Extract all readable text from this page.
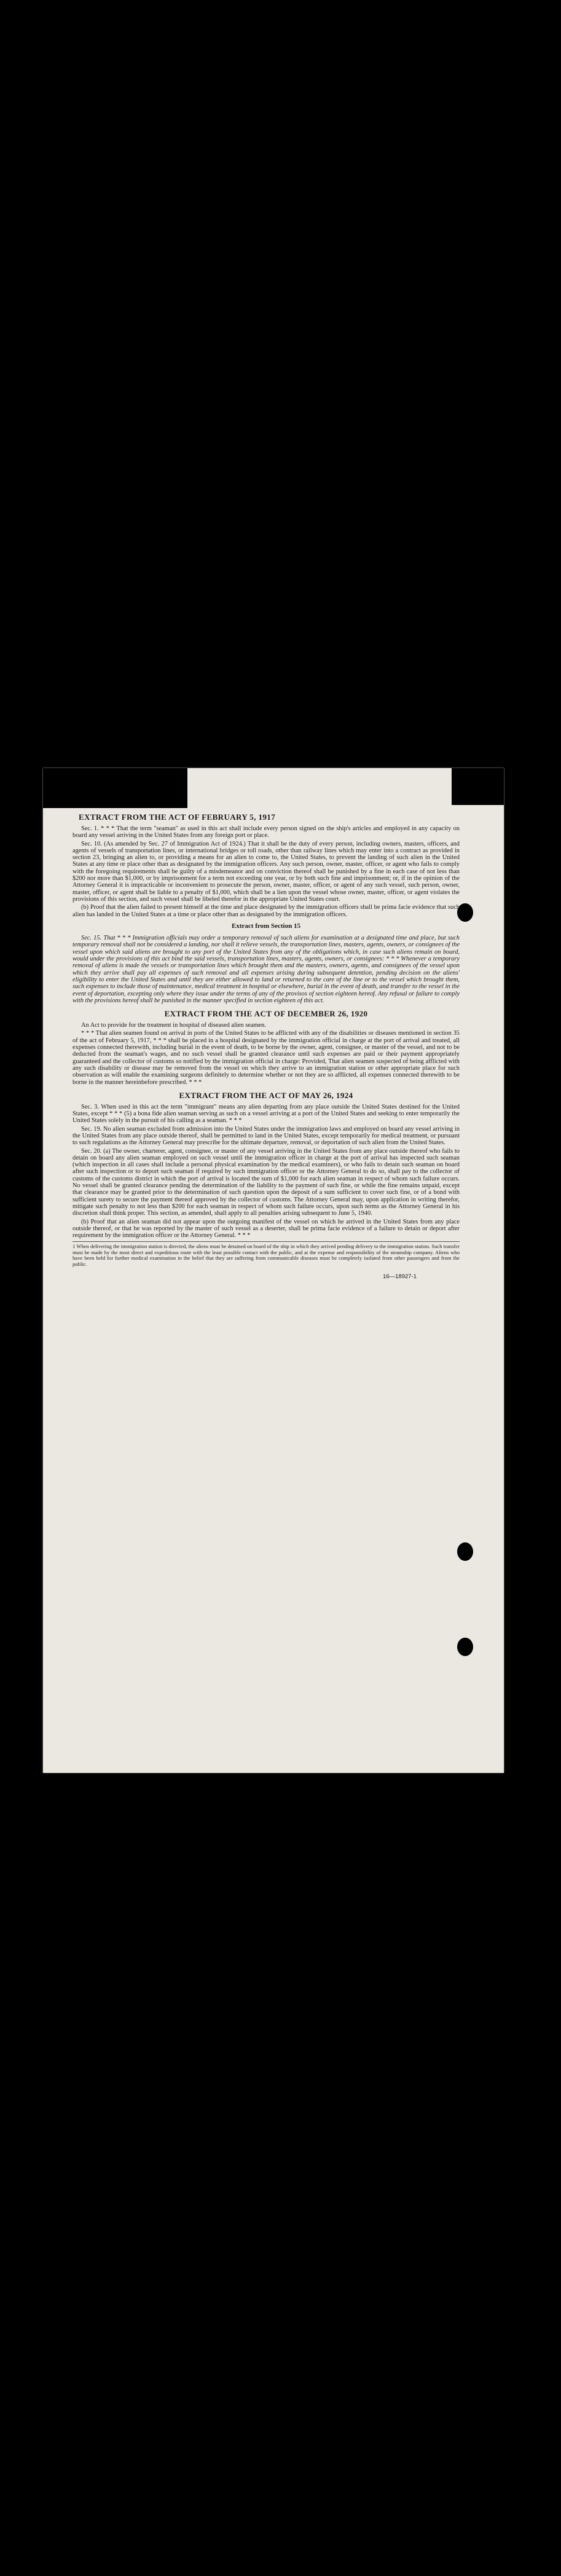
EXTRACT FROM THE ACT OF FEBRUARY 5, 1917

Sec. 1. * * * That the term "seaman" as used in this act shall include every person signed on the ship's articles and employed in any capacity on board any vessel arriving in the United States from any foreign port or place.

Sec. 10. (As amended by Sec. 27 of Immigration Act of 1924.) That it shall be the duty of every person, including owners, masters, officers, and agents of vessels of transportation lines, or international bridges or toll roads, other than railway lines which may enter into a contract as provided in section 23, bringing an alien to, or providing a means for an alien to come to, the United States, to prevent the landing of such alien in the United States at any time or place other than as designated by the immigration officers. Any such person, owner, master, officer, or agent who fails to comply with the foregoing requirements shall be guilty of a misdemeanor and on conviction thereof shall be punished by a fine in each case of not less than $200 nor more than $1,000, or by imprisonment for a term not exceeding one year, or by both such fine and imprisonment; or, if in the opinion of the Attorney General it is impracticable or inconvenient to prosecute the person, owner, master, officer, or agent of any such vessel, such person, owner, master, officer, or agent shall be liable to a penalty of $1,000, which shall be a lien upon the vessel whose owner, master, officer, or agent violates the provisions of this section, and such vessel shall be libeled therefor in the appropriate United States court.

(b) Proof that the alien failed to present himself at the time and place designated by the immigration officers shall be prima facie evidence that such alien has landed in the United States at a time or place other than as designated by the immigration officers.

Extract from Section 15

Sec. 15. That * * * Immigration officials may order a temporary removal of such aliens for examination at a designated time and place, but such temporary removal shall not be considered a landing, nor shall it relieve vessels, the transportation lines, masters, agents, owners, or consignees of the vessel upon which said aliens are brought to any port of the United States from any of the obligations which, in case such aliens remain on board, would under the provisions of this act bind the said vessels, transportation lines, masters, agents, owners, or consignees: * * * Whenever a temporary removal of aliens is made the vessels or transportation lines which brought them and the masters, owners, agents, and consignees of the vessel upon which they arrive shall pay all expenses of such removal and all expenses arising during subsequent detention, pending decision on the aliens' eligibility to enter the United States and until they are either allowed to land or returned to the care of the line or to the vessel which brought them, such expenses to include those of maintenance, medical treatment in hospital or elsewhere, burial in the event of death, and transfer to the vessel in the event of deportation, excepting only where they issue under the terms of any of the provisos of section eighteen hereof. Any refusal or failure to comply with the provisions hereof shall be punished in the manner specified in section eighteen of this act.

EXTRACT FROM THE ACT OF DECEMBER 26, 1920

An Act to provide for the treatment in hospital of diseased alien seamen.

* * * That alien seamen found on arrival in ports of the United States to be afflicted with any of the disabilities or diseases mentioned in section 35 of the act of February 5, 1917, * * * shall be placed in a hospital designated by the immigration official in charge at the port of arrival and treated, all expenses connected therewith, including burial in the event of death, to be borne by the owner, agent, consignee, or master of the vessel, and not to be deducted from the seaman's wages, and no such vessel shall be granted clearance until such expenses are paid or their payment appropriately guaranteed and the collector of customs so notified by the immigration official in charge: Provided, That alien seamen suspected of being afflicted with any such disability or disease may be removed from the vessel on which they arrive to an immigration station or other appropriate place for such observation as will enable the examining surgeons definitely to determine whether or not they are so afflicted, all expenses connected therewith to be borne in the manner hereinbefore prescribed. * * *

EXTRACT FROM THE ACT OF MAY 26, 1924

Sec. 3. When used in this act the term "immigrant" means any alien departing from any place outside the United States destined for the United States, except * * * (5) a bona fide alien seaman serving as such on a vessel arriving at a port of the United States and seeking to enter temporarily the United States solely in the pursuit of his calling as a seaman. * * *

Sec. 19. No alien seaman excluded from admission into the United States under the immigration laws and employed on board any vessel arriving in the United States from any place outside thereof, shall be permitted to land in the United States, except temporarily for medical treatment, or pursuant to such regulations as the Attorney General may prescribe for the ultimate departure, removal, or deportation of such alien from the United States.

Sec. 20. (a) The owner, charterer, agent, consignee, or master of any vessel arriving in the United States from any place outside thereof who fails to detain on board any alien seaman employed on such vessel until the immigration officer in charge at the port of arrival has inspected such seaman (which inspection in all cases shall include a personal physical examination by the medical examiners), or who fails to detain such seaman on board after such inspection or to deport such seaman if required by such immigration officer or the Attorney General to do so, shall pay to the collector of customs of the customs district in which the port of arrival is located the sum of $1,000 for each alien seaman in respect of whom such failure occurs. No vessel shall be granted clearance pending the determination of the liability to the payment of such fine, or while the fine remains unpaid, except that clearance may be granted prior to the determination of such question upon the deposit of a sum sufficient to cover such fine, or of a bond with sufficient surety to secure the payment thereof approved by the collector of customs. The Attorney General may, upon application in writing therefor, mitigate such penalty to not less than $200 for each seaman in respect of whom such failure occurs, upon such terms as the Attorney General in his discretion shall think proper. This section, as amended, shall apply to all penalties arising subsequent to June 5, 1940.

(b) Proof that an alien seaman did not appear upon the outgoing manifest of the vessel on which he arrived in the United States from any place outside thereof, or that he was reported by the master of such vessel as a deserter, shall be prima facie evidence of a failure to detain or deport after requirement by the immigration officer or the Attorney General. * * *

1 When delivering the immigration station is directed, the aliens must be detained on board of the ship in which they arrived pending delivery to the immigration station. Such transfer must be made by the most direct and expeditious route with the least possible contact with the public, and at the expense and responsibility of the steamship company. Aliens who have been held for further medical examination in the belief that they are suffering from communicable diseases must be completely isolated from other passengers and from the public.

16—18927-1
